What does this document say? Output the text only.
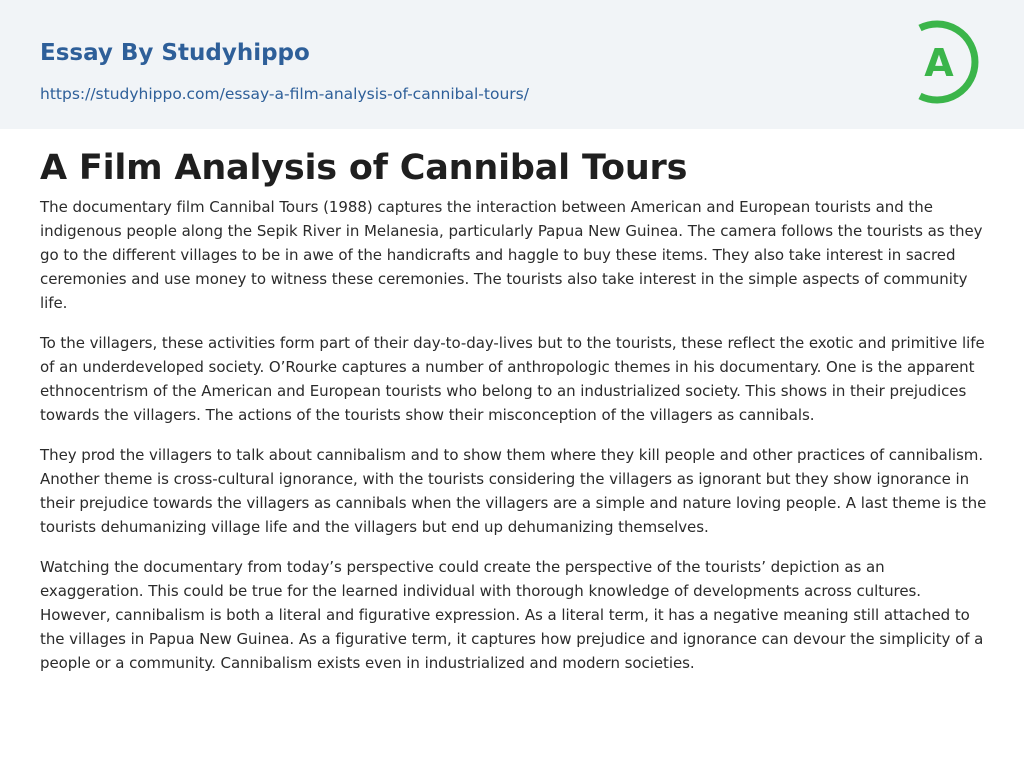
Essay By Studyhippo
https://studyhippo.com/essay-a-film-analysis-of-cannibal-tours/
A
A Film Analysis of Cannibal Tours

The documentary film Cannibal Tours (1988) captures the interaction between American and European tourists and the indigenous people along the Sepik River in Melanesia, particularly Papua New Guinea. The camera follows the tourists as they go to the different villages to be in awe of the handicrafts and haggle to buy these items. They also take interest in sacred ceremonies and use money to witness these ceremonies. The tourists also take interest in the simple aspects of community life.

To the villagers, these activities form part of their day-to-day-lives but to the tourists, these reflect the exotic and primitive life of an underdeveloped society. O’Rourke captures a number of anthropologic themes in his documentary. One is the apparent ethnocentrism of the American and European tourists who belong to an industrialized society. This shows in their prejudices towards the villagers. The actions of the tourists show their misconception of the villagers as cannibals.

They prod the villagers to talk about cannibalism and to show them where they kill people and other practices of cannibalism. Another theme is cross-cultural ignorance, with the tourists considering the villagers as ignorant but they show ignorance in their prejudice towards the villagers as cannibals when the villagers are a simple and nature loving people. A last theme is the tourists dehumanizing village life and the villagers but end up dehumanizing themselves.

Watching the documentary from today’s perspective could create the perspective of the tourists’ depiction as an exaggeration. This could be true for the learned individual with thorough knowledge of developments across cultures. However, cannibalism is both a literal and figurative expression. As a literal term, it has a negative meaning still attached to the villages in Papua New Guinea. As a figurative term, it captures how prejudice and ignorance can devour the simplicity of a people or a community. Cannibalism exists even in industrialized and modern societies.
